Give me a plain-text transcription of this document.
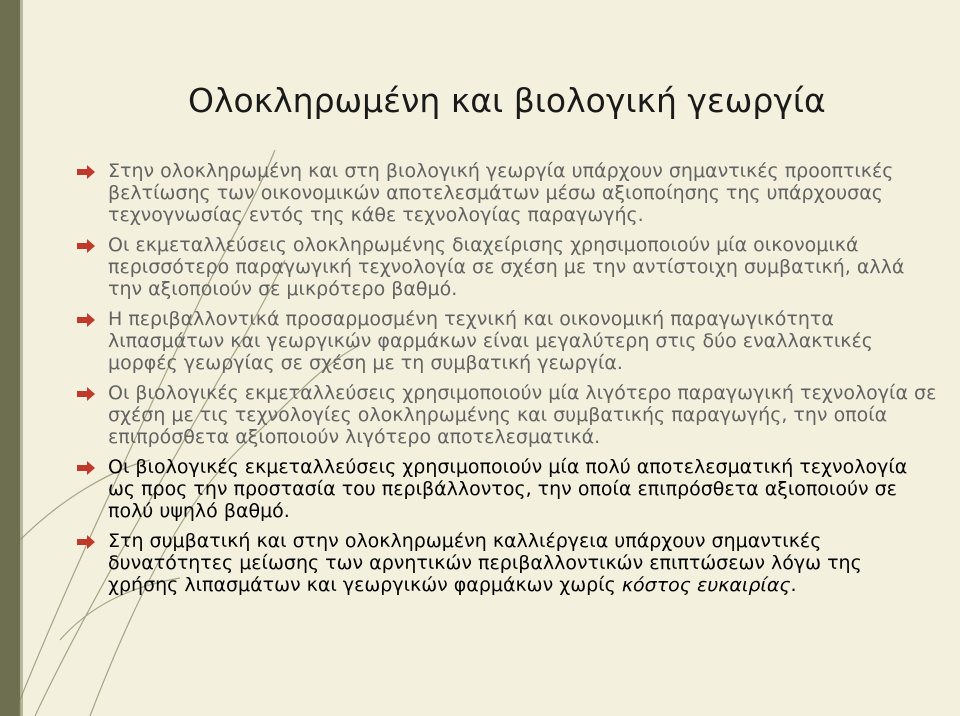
Ολοκληρωμένη και βιολογική γεωργία
Στην ολοκληρωμένη και στη βιολογική γεωργία υπάρχουν σημαντικές προοπτικές βελτίωσης των οικονομικών αποτελεσμάτων μέσω αξιοποίησης της υπάρχουσας τεχνογνωσίας εντός της κάθε τεχνολογίας παραγωγής.
Οι εκμεταλλεύσεις ολοκληρωμένης διαχείρισης χρησιμοποιούν μία οικονομικά περισσότερο παραγωγική τεχνολογία σε σχέση με την αντίστοιχη συμβατική, αλλά την αξιοποιούν σε μικρότερο βαθμό.
Η περιβαλλοντικά προσαρμοσμένη τεχνική και οικονομική παραγωγικότητα λιπασμάτων και γεωργικών φαρμάκων είναι μεγαλύτερη στις δύο εναλλακτικές μορφές γεωργίας σε σχέση με τη συμβατική γεωργία.
Οι βιολογικές εκμεταλλεύσεις χρησιμοποιούν μία λιγότερο παραγωγική τεχνολογία σε σχέση με τις τεχνολογίες ολοκληρωμένης και συμβατικής παραγωγής, την οποία επιπρόσθετα αξιοποιούν λιγότερο αποτελεσματικά.
Οι βιολογικές εκμεταλλεύσεις χρησιμοποιούν μία πολύ αποτελεσματική τεχνολογία ως προς την προστασία του περιβάλλοντος, την οποία επιπρόσθετα αξιοποιούν σε πολύ υψηλό βαθμό.
Στη συμβατική και στην ολοκληρωμένη καλλιέργεια υπάρχουν σημαντικές δυνατότητες μείωσης των αρνητικών περιβαλλοντικών επιπτώσεων λόγω της χρήσης λιπασμάτων και γεωργικών φαρμάκων χωρίς κόστος ευκαιρίας.
